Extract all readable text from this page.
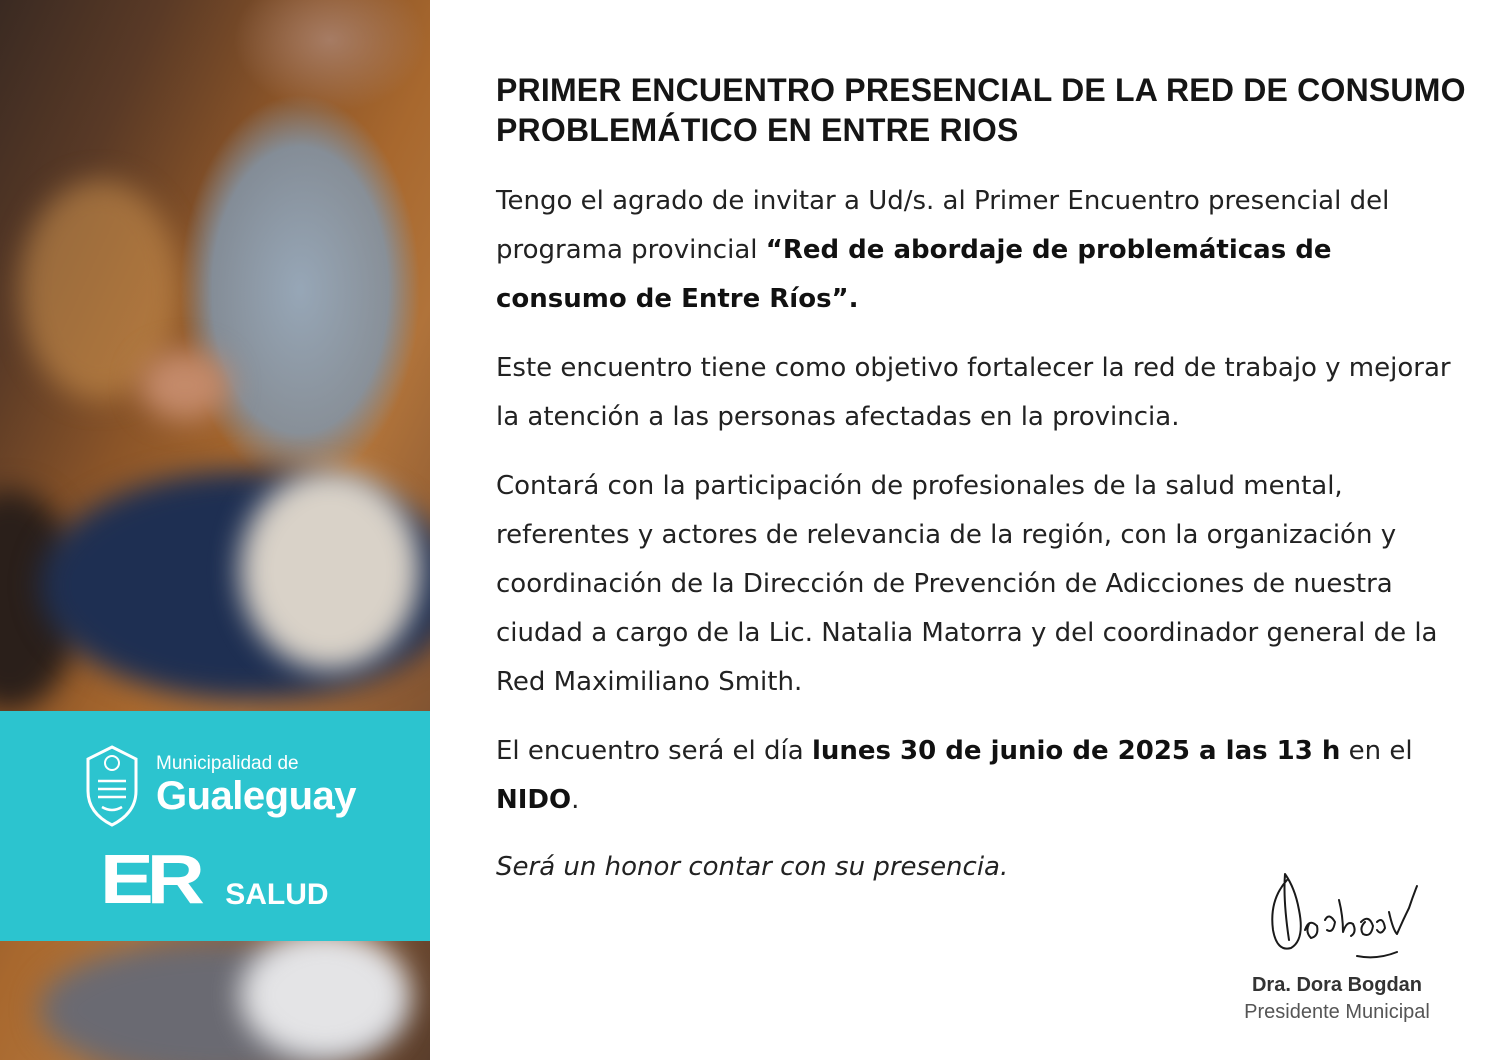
Municipalidad de
Gualeguay
ER SALUD
PRIMER ENCUENTRO PRESENCIAL DE LA RED DE CONSUMO PROBLEMÁTICO EN ENTRE RIOS

Tengo el agrado de invitar a Ud/s. al Primer Encuentro presencial del programa provincial “Red de abordaje de problemáticas de consumo de Entre Ríos”.

Este encuentro tiene como objetivo fortalecer la red de trabajo y mejorar la atención a las personas afectadas en la provincia.

Contará con la participación de profesionales de la salud mental, referentes y actores de relevancia de la región, con la organización y coordinación de la Dirección de Prevención de Adicciones de nuestra ciudad a cargo de la Lic. Natalia Matorra y del coordinador general de la Red Maximiliano Smith.

El encuentro será el día lunes 30 de junio de 2025 a las 13 h en el NIDO.

Será un honor contar con su presencia.

Dra. Dora Bogdan
Presidente Municipal
